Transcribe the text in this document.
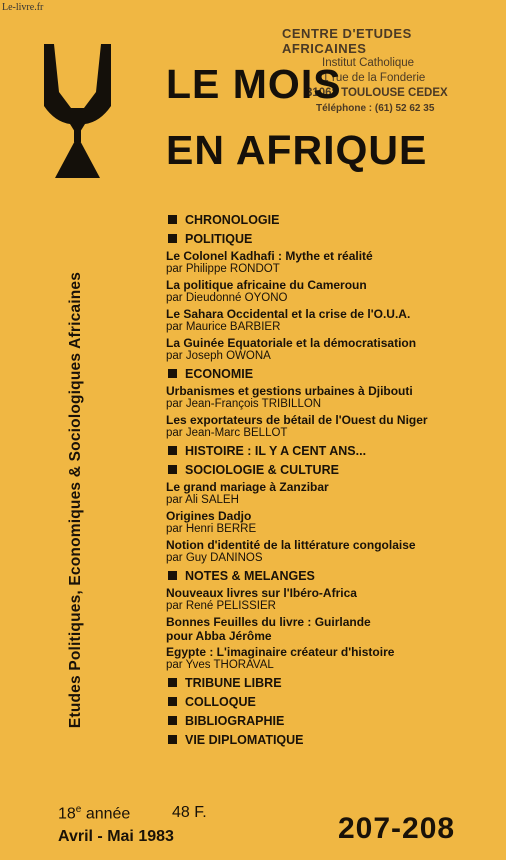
Le-livre.fr
CENTRE D'ETUDES AFRICAINES
Institut Catholique
31 rue de la Fonderie
31068 TOULOUSE CEDEX
Téléphone : (61) 52 62 35
LE MOIS
EN AFRIQUE
Etudes Politiques, Economiques & Sociologiques Africaines
CHRONOLOGIE
POLITIQUE
Le Colonel Kadhafi : Mythe et réalité
par Philippe RONDOT
La politique africaine du Cameroun
par Dieudonné OYONO
Le Sahara Occidental et la crise de l'O.U.A.
par Maurice BARBIER
La Guinée Equatoriale et la démocratisation
par Joseph OWONA
ECONOMIE
Urbanismes et gestions urbaines à Djibouti
par Jean-François TRIBILLON
Les exportateurs de bétail de l'Ouest du Niger
par Jean-Marc BELLOT
HISTOIRE : IL Y A CENT ANS...
SOCIOLOGIE & CULTURE
Le grand mariage à Zanzibar
par Ali SALEH
Origines Dadjo
par Henri BERRE
Notion d'identité de la littérature congolaise
par Guy DANINOS
NOTES & MELANGES
Nouveaux livres sur l'Ibéro-Africa
par René PELISSIER
Bonnes Feuilles du livre : Guirlande
pour Abba Jérôme
Egypte : L'imaginaire créateur d'histoire
par Yves THORAVAL
TRIBUNE LIBRE
COLLOQUE
BIBLIOGRAPHIE
VIE DIPLOMATIQUE
18e année	48 F.
Avril - Mai 1983	207-208
